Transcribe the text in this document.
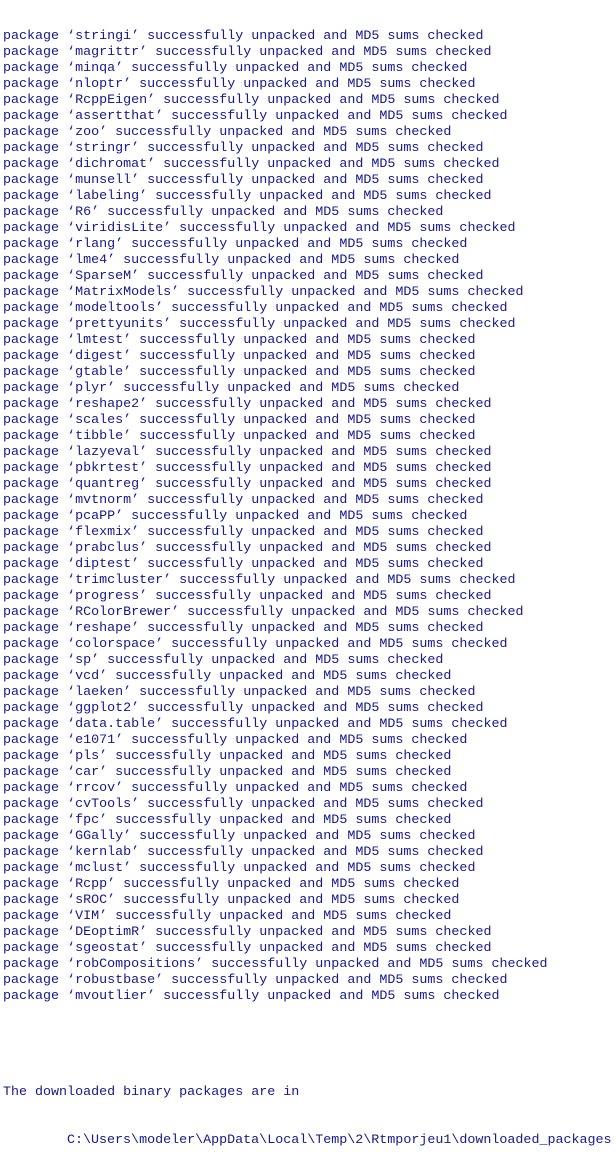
package ‘stringi’ successfully unpacked and MD5 sums checked
package ‘magrittr’ successfully unpacked and MD5 sums checked
package ‘minqa’ successfully unpacked and MD5 sums checked
package ‘nloptr’ successfully unpacked and MD5 sums checked
package ‘RcppEigen’ successfully unpacked and MD5 sums checked
package ‘assertthat’ successfully unpacked and MD5 sums checked
package ‘zoo’ successfully unpacked and MD5 sums checked
package ‘stringr’ successfully unpacked and MD5 sums checked
package ‘dichromat’ successfully unpacked and MD5 sums checked
package ‘munsell’ successfully unpacked and MD5 sums checked
package ‘labeling’ successfully unpacked and MD5 sums checked
package ‘R6’ successfully unpacked and MD5 sums checked
package ‘viridisLite’ successfully unpacked and MD5 sums checked
package ‘rlang’ successfully unpacked and MD5 sums checked
package ‘lme4’ successfully unpacked and MD5 sums checked
package ‘SparseM’ successfully unpacked and MD5 sums checked
package ‘MatrixModels’ successfully unpacked and MD5 sums checked
package ‘modeltools’ successfully unpacked and MD5 sums checked
package ‘prettyunits’ successfully unpacked and MD5 sums checked
package ‘lmtest’ successfully unpacked and MD5 sums checked
package ‘digest’ successfully unpacked and MD5 sums checked
package ‘gtable’ successfully unpacked and MD5 sums checked
package ‘plyr’ successfully unpacked and MD5 sums checked
package ‘reshape2’ successfully unpacked and MD5 sums checked
package ‘scales’ successfully unpacked and MD5 sums checked
package ‘tibble’ successfully unpacked and MD5 sums checked
package ‘lazyeval’ successfully unpacked and MD5 sums checked
package ‘pbkrtest’ successfully unpacked and MD5 sums checked
package ‘quantreg’ successfully unpacked and MD5 sums checked
package ‘mvtnorm’ successfully unpacked and MD5 sums checked
package ‘pcaPP’ successfully unpacked and MD5 sums checked
package ‘flexmix’ successfully unpacked and MD5 sums checked
package ‘prabclus’ successfully unpacked and MD5 sums checked
package ‘diptest’ successfully unpacked and MD5 sums checked
package ‘trimcluster’ successfully unpacked and MD5 sums checked
package ‘progress’ successfully unpacked and MD5 sums checked
package ‘RColorBrewer’ successfully unpacked and MD5 sums checked
package ‘reshape’ successfully unpacked and MD5 sums checked
package ‘colorspace’ successfully unpacked and MD5 sums checked
package ‘sp’ successfully unpacked and MD5 sums checked
package ‘vcd’ successfully unpacked and MD5 sums checked
package ‘laeken’ successfully unpacked and MD5 sums checked
package ‘ggplot2’ successfully unpacked and MD5 sums checked
package ‘data.table’ successfully unpacked and MD5 sums checked
package ‘e1071’ successfully unpacked and MD5 sums checked
package ‘pls’ successfully unpacked and MD5 sums checked
package ‘car’ successfully unpacked and MD5 sums checked
package ‘rrcov’ successfully unpacked and MD5 sums checked
package ‘cvTools’ successfully unpacked and MD5 sums checked
package ‘fpc’ successfully unpacked and MD5 sums checked
package ‘GGally’ successfully unpacked and MD5 sums checked
package ‘kernlab’ successfully unpacked and MD5 sums checked
package ‘mclust’ successfully unpacked and MD5 sums checked
package ‘Rcpp’ successfully unpacked and MD5 sums checked
package ‘sROC’ successfully unpacked and MD5 sums checked
package ‘VIM’ successfully unpacked and MD5 sums checked
package ‘DEoptimR’ successfully unpacked and MD5 sums checked
package ‘sgeostat’ successfully unpacked and MD5 sums checked
package ‘robCompositions’ successfully unpacked and MD5 sums checked
package ‘robustbase’ successfully unpacked and MD5 sums checked
package ‘mvoutlier’ successfully unpacked and MD5 sums checked

The downloaded binary packages are in

C:\Users\modeler\AppData\Local\Temp\2\Rtmporjeu1\downloaded_packages
